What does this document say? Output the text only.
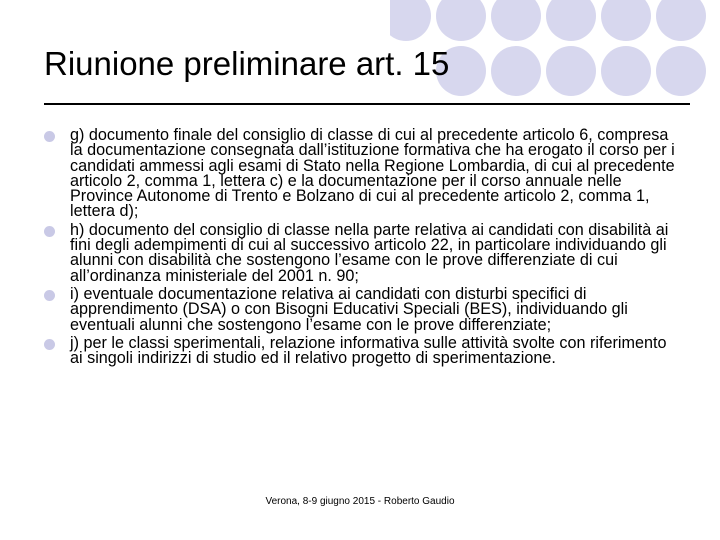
Riunione preliminare art. 15
g) documento finale del consiglio di classe di cui al precedente articolo 6, compresa la documentazione consegnata dall’istituzione formativa che ha erogato il corso per i candidati ammessi agli esami di Stato nella Regione Lombardia, di cui al precedente articolo 2, comma 1, lettera c) e la documentazione per il corso annuale nelle Province Autonome di Trento e Bolzano di cui al precedente articolo 2, comma 1, lettera d);
h) documento del consiglio di classe nella parte relativa ai candidati con disabilità ai fini degli adempimenti di cui al successivo articolo 22, in particolare individuando gli alunni con disabilità che sostengono l’esame con le prove differenziate di cui all’ordinanza ministeriale del 2001 n. 90;
i) eventuale documentazione relativa ai candidati con disturbi specifici di apprendimento (DSA) o con Bisogni Educativi Speciali (BES), individuando gli eventuali alunni che sostengono l’esame con le prove differenziate;
j) per le classi sperimentali, relazione informativa sulle attività svolte con riferimento ai singoli indirizzi di studio ed il relativo progetto di sperimentazione.
Verona, 8-9 giugno 2015 - Roberto Gaudio
